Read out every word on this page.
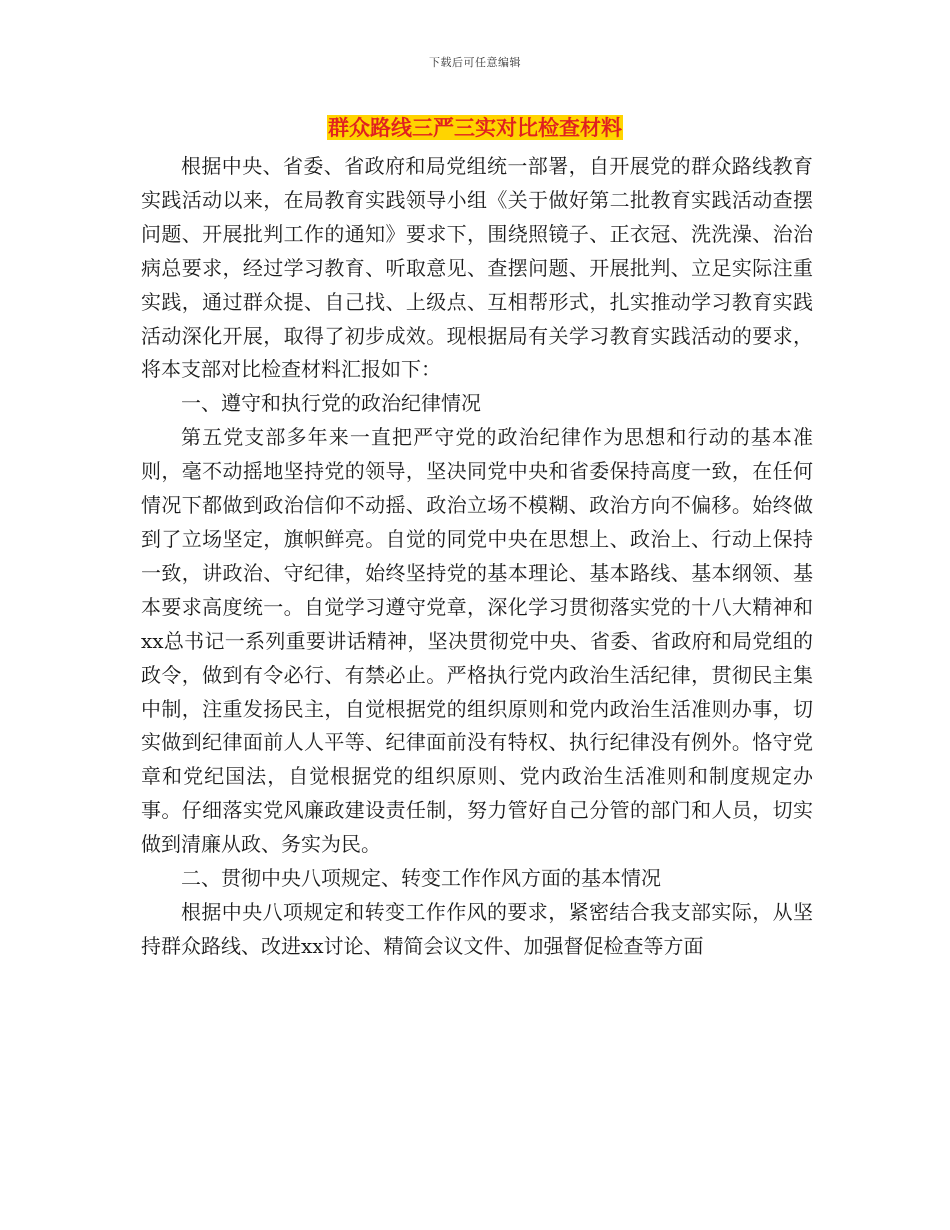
下载后可任意编辑
群众路线三严三实对比检查材料

根据中央、省委、省政府和局党组统一部署，自开展党的群众路线教育实践活动以来，在局教育实践领导小组《关于做好第二批教育实践活动查摆问题、开展批判工作的通知》要求下，围绕照镜子、正衣冠、洗洗澡、治治病总要求，经过学习教育、听取意见、查摆问题、开展批判、立足实际注重实践，通过群众提、自己找、上级点、互相帮形式，扎实推动学习教育实践活动深化开展，取得了初步成效。现根据局有关学习教育实践活动的要求，将本支部对比检查材料汇报如下：

一、遵守和执行党的政治纪律情况

第五党支部多年来一直把严守党的政治纪律作为思想和行动的基本准则，毫不动摇地坚持党的领导，坚决同党中央和省委保持高度一致，在任何情况下都做到政治信仰不动摇、政治立场不模糊、政治方向不偏移。始终做到了立场坚定，旗帜鲜亮。自觉的同党中央在思想上、政治上、行动上保持一致，讲政治、守纪律，始终坚持党的基本理论、基本路线、基本纲领、基本要求高度统一。自觉学习遵守党章，深化学习贯彻落实党的十八大精神和xx总书记一系列重要讲话精神，坚决贯彻党中央、省委、省政府和局党组的政令，做到有令必行、有禁必止。严格执行党内政治生活纪律，贯彻民主集中制，注重发扬民主，自觉根据党的组织原则和党内政治生活准则办事，切实做到纪律面前人人平等、纪律面前没有特权、执行纪律没有例外。恪守党章和党纪国法，自觉根据党的组织原则、党内政治生活准则和制度规定办事。仔细落实党风廉政建设责任制，努力管好自己分管的部门和人员，切实做到清廉从政、务实为民。

二、贯彻中央八项规定、转变工作作风方面的基本情况

根据中央八项规定和转变工作作风的要求，紧密结合我支部实际，从坚持群众路线、改进xx讨论、精简会议文件、加强督促检查等方面
